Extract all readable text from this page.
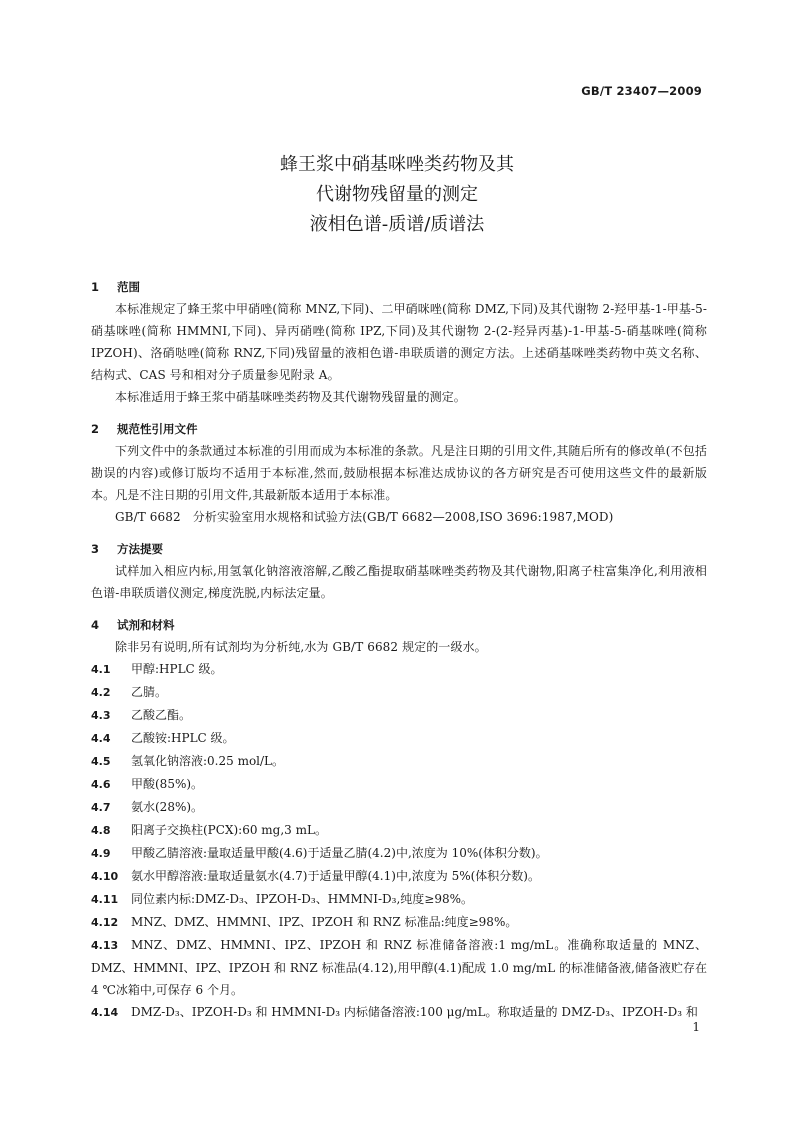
GB/T 23407—2009
蜂王浆中硝基咪唑类药物及其
代谢物残留量的测定
液相色谱-质谱/质谱法
1 范围
本标准规定了蜂王浆中甲硝唑(简称 MNZ,下同)、二甲硝咪唑(简称 DMZ,下同)及其代谢物 2-羟甲基-1-甲基-5-硝基咪唑(简称 HMMNI,下同)、异丙硝唑(简称 IPZ,下同)及其代谢物 2-(2-羟异丙基)-1-甲基-5-硝基咪唑(简称 IPZOH)、洛硝哒唑(简称 RNZ,下同)残留量的液相色谱-串联质谱的测定方法。上述硝基咪唑类药物中英文名称、结构式、CAS 号和相对分子质量参见附录 A。
本标准适用于蜂王浆中硝基咪唑类药物及其代谢物残留量的测定。
2 规范性引用文件
下列文件中的条款通过本标准的引用而成为本标准的条款。凡是注日期的引用文件,其随后所有的修改单(不包括勘误的内容)或修订版均不适用于本标准,然而,鼓励根据本标准达成协议的各方研究是否可使用这些文件的最新版本。凡是不注日期的引用文件,其最新版本适用于本标准。
GB/T 6682　分析实验室用水规格和试验方法(GB/T 6682—2008,ISO 3696:1987,MOD)
3 方法提要
试样加入相应内标,用氢氧化钠溶液溶解,乙酸乙酯提取硝基咪唑类药物及其代谢物,阳离子柱富集净化,利用液相色谱-串联质谱仪测定,梯度洗脱,内标法定量。
4 试剂和材料
除非另有说明,所有试剂均为分析纯,水为 GB/T 6682 规定的一级水。
4.1 甲醇:HPLC 级。
4.2 乙腈。
4.3 乙酸乙酯。
4.4 乙酸铵:HPLC 级。
4.5 氢氧化钠溶液:0.25 mol/L。
4.6 甲酸(85%)。
4.7 氨水(28%)。
4.8 阳离子交换柱(PCX):60 mg,3 mL。
4.9 甲酸乙腈溶液:量取适量甲酸(4.6)于适量乙腈(4.2)中,浓度为 10%(体积分数)。
4.10 氨水甲醇溶液:量取适量氨水(4.7)于适量甲醇(4.1)中,浓度为 5%(体积分数)。
4.11 同位素内标:DMZ-D₃、IPZOH-D₃、HMMNI-D₃,纯度≥98%。
4.12 MNZ、DMZ、HMMNI、IPZ、IPZOH 和 RNZ 标准品:纯度≥98%。
4.13 MNZ、DMZ、HMMNI、IPZ、IPZOH 和 RNZ 标准储备溶液:1 mg/mL。准确称取适量的 MNZ、DMZ、HMMNI、IPZ、IPZOH 和 RNZ 标准品(4.12),用甲醇(4.1)配成 1.0 mg/mL 的标准储备液,储备液贮存在 4 ℃冰箱中,可保存 6 个月。
4.14 DMZ-D₃、IPZOH-D₃ 和 HMMNI-D₃ 内标储备溶液:100 μg/mL。称取适量的 DMZ-D₃、IPZOH-D₃ 和
1
